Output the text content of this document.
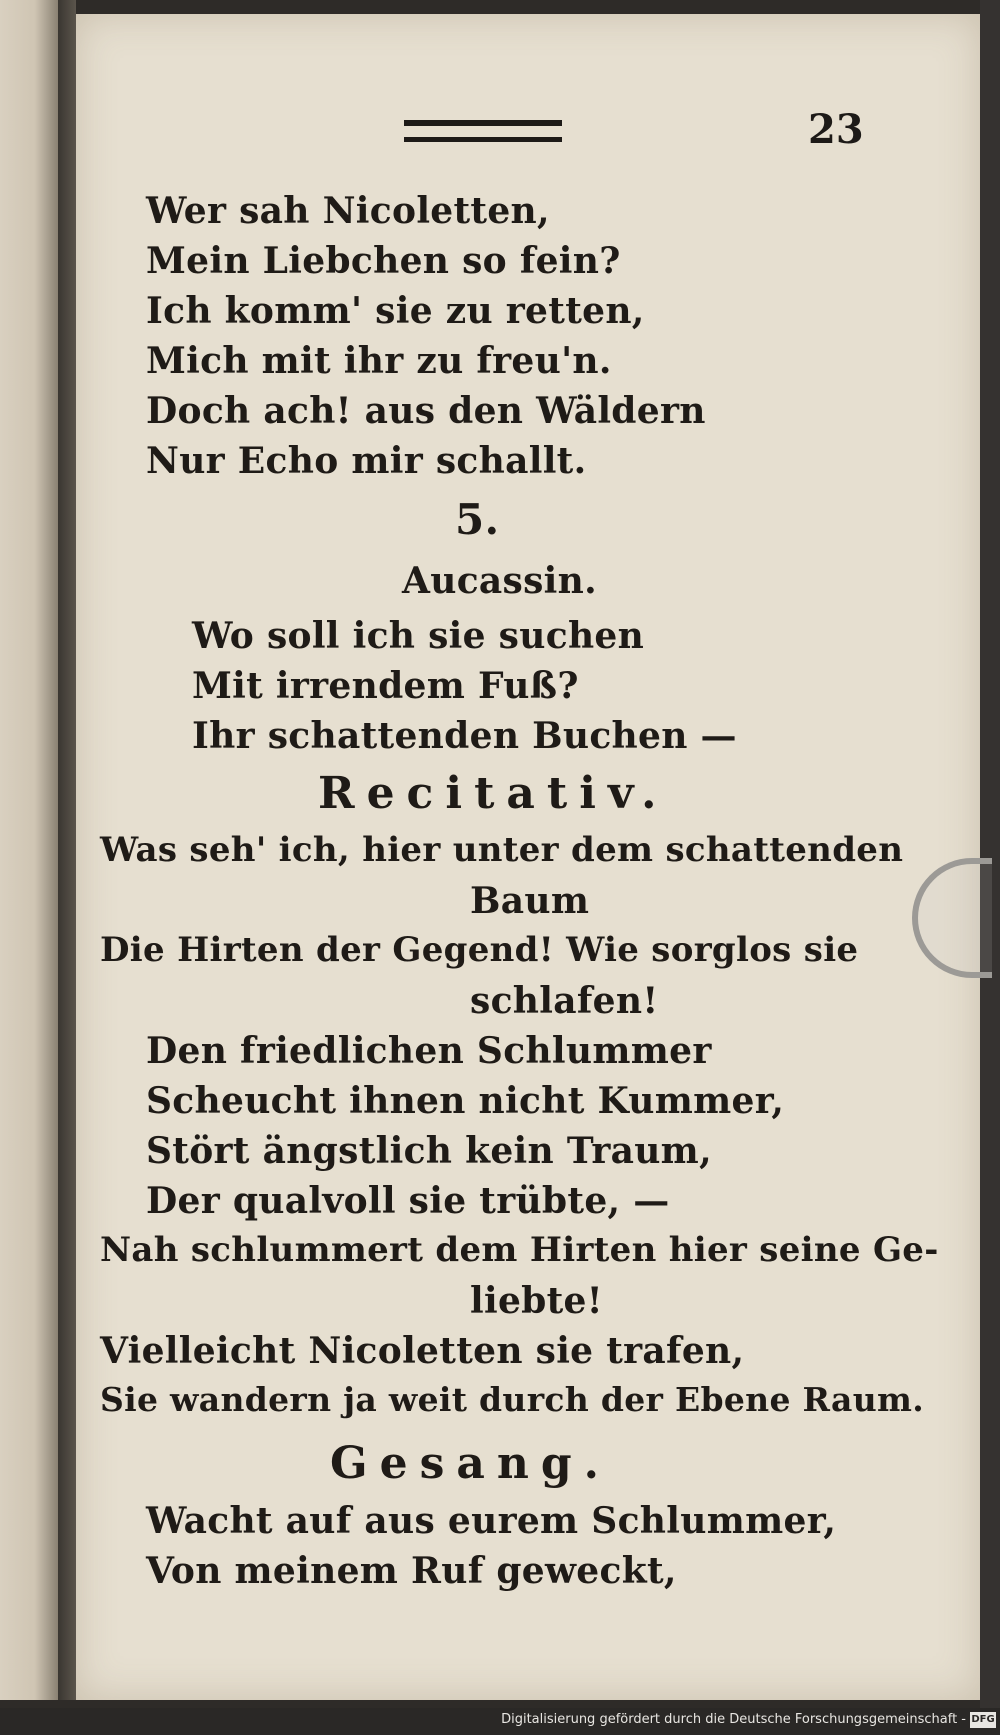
23
Wer sah Nicoletten,
Mein Liebchen so fein?
Ich komm' sie zu retten,
Mich mit ihr zu freu'n.
Doch ach! aus den Wäldern
Nur Echo mir schallt.
5.
Aucassin.
Wo soll ich sie suchen
Mit irrendem Fuß?
Ihr schattenden Buchen —
Recitativ.
Was seh' ich, hier unter dem schattenden
Baum
Die Hirten der Gegend! Wie sorglos sie
schlafen!
Den friedlichen Schlummer
Scheucht ihnen nicht Kummer,
Stört ängstlich kein Traum,
Der qualvoll sie trübte, —
Nah schlummert dem Hirten hier seine Ge-
liebte!
Vielleicht Nicoletten sie trafen,
Sie wandern ja weit durch der Ebene Raum.
Gesang.
Wacht auf aus eurem Schlummer,
Von meinem Ruf geweckt,
Digitalisierung gefördert durch die Deutsche Forschungsgemeinschaft - DFG
